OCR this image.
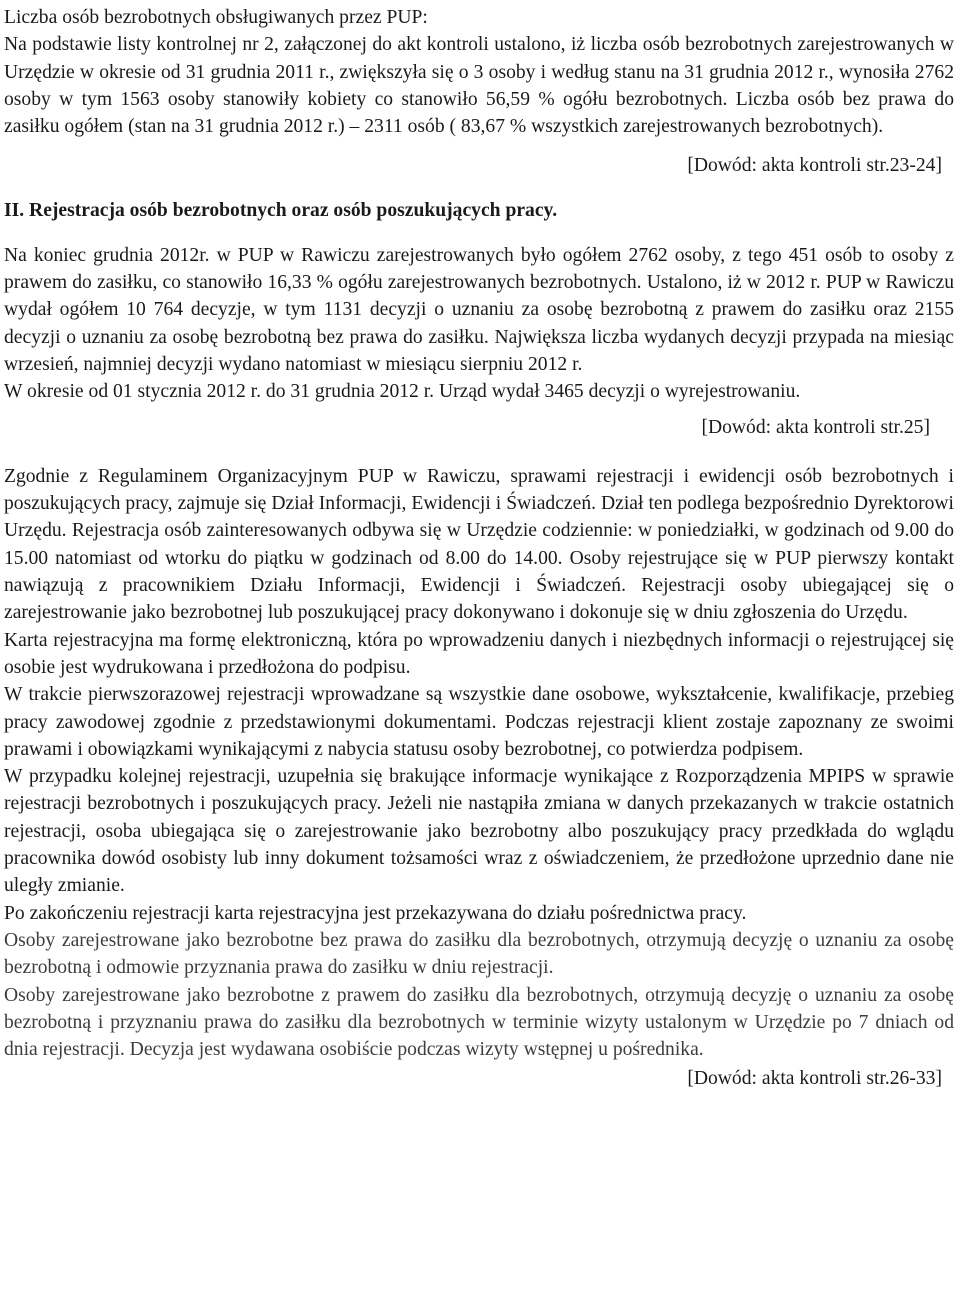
Liczba osób bezrobotnych obsługiwanych przez PUP:

Na podstawie listy kontrolnej nr 2, załączonej do akt kontroli ustalono, iż liczba osób bezrobotnych zarejestrowanych w Urzędzie w okresie od 31 grudnia 2011 r., zwiększyła się o 3 osoby i według stanu na 31 grudnia 2012 r., wynosiła 2762 osoby w tym 1563 osoby stanowiły kobiety co stanowiło 56,59 % ogółu bezrobotnych. Liczba osób bez prawa do zasiłku ogółem (stan na 31 grudnia 2012 r.) – 2311 osób ( 83,67 % wszystkich zarejestrowanych bezrobotnych).

[Dowód: akta kontroli str.23-24]

II. Rejestracja osób bezrobotnych oraz osób poszukujących pracy.

Na koniec grudnia 2012r. w PUP w Rawiczu zarejestrowanych było ogółem 2762 osoby, z tego 451 osób to osoby z prawem do zasiłku, co stanowiło 16,33 % ogółu zarejestrowanych bezrobotnych. Ustalono, iż w 2012 r. PUP w Rawiczu wydał ogółem 10 764 decyzje, w tym 1131 decyzji o uznaniu za osobę bezrobotną z prawem do zasiłku oraz 2155 decyzji o uznaniu za osobę bezrobotną bez prawa do zasiłku. Największa liczba wydanych decyzji przypada na miesiąc wrzesień, najmniej decyzji wydano natomiast w miesiącu sierpniu 2012 r.

W okresie od 01 stycznia 2012 r. do 31 grudnia 2012 r. Urząd wydał 3465 decyzji o wyrejestrowaniu.

[Dowód: akta kontroli str.25]

Zgodnie z Regulaminem Organizacyjnym PUP w Rawiczu, sprawami rejestracji i ewidencji osób bezrobotnych i poszukujących pracy, zajmuje się Dział Informacji, Ewidencji i Świadczeń. Dział ten podlega bezpośrednio Dyrektorowi Urzędu. Rejestracja osób zainteresowanych odbywa się w Urzędzie codziennie: w poniedziałki, w godzinach od 9.00 do 15.00 natomiast od wtorku do piątku w godzinach od 8.00 do 14.00. Osoby rejestrujące się w PUP pierwszy kontakt nawiązują z pracownikiem Działu Informacji, Ewidencji i Świadczeń. Rejestracji osoby ubiegającej się o zarejestrowanie jako bezrobotnej lub poszukującej pracy dokonywano i dokonuje się w dniu zgłoszenia do Urzędu.

Karta rejestracyjna ma formę elektroniczną, która po wprowadzeniu danych i niezbędnych informacji o rejestrującej się osobie jest wydrukowana i przedłożona do podpisu.

W trakcie pierwszorazowej rejestracji wprowadzane są wszystkie dane osobowe, wykształcenie, kwalifikacje, przebieg pracy zawodowej zgodnie z przedstawionymi dokumentami. Podczas rejestracji klient zostaje zapoznany ze swoimi prawami i obowiązkami wynikającymi z nabycia statusu osoby bezrobotnej, co potwierdza podpisem.

W przypadku kolejnej rejestracji, uzupełnia się brakujące informacje wynikające z Rozporządzenia MPIPS w sprawie rejestracji bezrobotnych i poszukujących pracy. Jeżeli nie nastąpiła zmiana w danych przekazanych w trakcie ostatnich rejestracji, osoba ubiegająca się o zarejestrowanie jako bezrobotny albo poszukujący pracy przedkłada do wglądu pracownika dowód osobisty lub inny dokument tożsamości wraz z oświadczeniem, że przedłożone uprzednio dane nie uległy zmianie.

Po zakończeniu rejestracji karta rejestracyjna jest przekazywana do działu pośrednictwa pracy.

Osoby zarejestrowane jako bezrobotne bez prawa do zasiłku dla bezrobotnych, otrzymują decyzję o uznaniu za osobę bezrobotną i odmowie przyznania prawa do zasiłku w dniu rejestracji.

Osoby zarejestrowane jako bezrobotne z prawem do zasiłku dla bezrobotnych, otrzymują decyzję o uznaniu za osobę bezrobotną i przyznaniu prawa do zasiłku dla bezrobotnych w terminie wizyty ustalonym w Urzędzie po 7 dniach od dnia rejestracji. Decyzja jest wydawana osobiście podczas wizyty wstępnej u pośrednika.

[Dowód: akta kontroli str.26-33]
